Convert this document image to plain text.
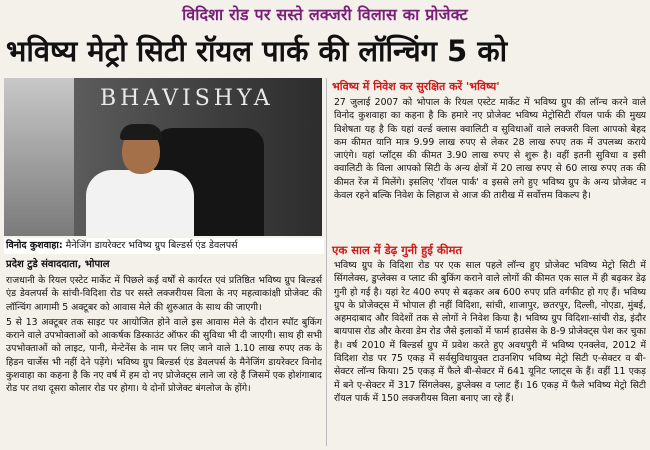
विदिशा रोड पर सस्ते लक्जरी विलास का प्रोजेक्ट
भविष्य मेट्रो सिटी रॉयल पार्क की लॉन्चिंग 5 को
BHAVISHYA
विनोद कुशवाहा: मैनेजिंग डायरेक्टर भविष्य ग्रुप बिल्डर्स एंड डेवलपर्स
प्रदेश टुडे संवाददाता, भोपाल

राजधानी के रियल एस्टेट मार्केट में पिछले कई वर्षों से कार्यरत एवं प्रतिष्ठित भविष्य ग्रुप बिल्डर्स एंड डेवलपर्स के सांची-विदिशा रोड पर सस्ते लक्जरीयस विला के नए महत्वाकांक्षी प्रोजेक्ट की लॉन्चिंग आगामी 5 अक्टूबर को आवास मेले की शुरुआत के साथ की जाएगी।

5 से 13 अक्टूबर तक साइट पर आयोजित होने वाले इस आवास मेले के दौरान स्पॉट बुकिंग कराने वाले उपभोक्ताओं को आकर्षक डिस्काउंट ऑफर की सुविधा भी दी जाएगी। साथ ही सभी उपभोक्ताओं को लाइट, पानी, मेन्टेनेंस के नाम पर लिए जाने वाले 1.10 लाख रुपए तक के हिडन चार्जेस भी नहीं देने पड़ेंगे। भविष्य ग्रुप बिल्डर्स एंड डेवलपर्स के मैनेजिंग डायरेक्टर विनोद कुशवाहा का कहना है कि नए वर्ष में हम दो नए प्रोजेक्ट्स लाने जा रहे हैं जिसमें एक होशंगाबाद रोड पर तथा दूसरा कोलार रोड पर होगा। ये दोनों प्रोजेक्ट बंगलोज के होंगे।

भविष्य में निवेश कर सुरक्षित करें 'भविष्य'
27 जुलाई 2007 को भोपाल के रियल एस्टेट मार्केट में भविष्य ग्रुप की लॉन्च करने वाले विनोद कुशवाहा का कहना है कि हमारे नए प्रोजेक्ट भविष्य मेट्रोसिटी रॉयल पार्क की मुख्य विशेषता यह है कि यहां वर्ल्ड क्लास क्वालिटी व सुविधाओं वाले लक्जरी विला आपको बेहद कम कीमत यानि मात्र 9.99 लाख रुपए से लेकर 28 लाख रुपए तक में उपलब्ध कराये जाएंगे। यहां प्लॉट्स की कीमत 3.90 लाख रुपए से शुरू है। वहीं इतनी सुविधा व इसी क्वालिटी के विला आपको सिटी के अन्य क्षेत्रों में 20 लाख रुपए से 60 लाख रुपए तक की कीमत रेंज में मिलेंगे। इसलिए 'रॉयल पार्क' व इससे लगे हुए भविष्य ग्रुप के अन्य प्रोजेक्ट न केवल रहने बल्कि निवेश के लिहाज से आज की तारीख में सर्वोत्तम विकल्प है।
एक साल में डेढ़ गुनी हुई कीमत
भविष्य ग्रुप के विदिशा रोड पर एक साल पहले लॉन्च हुए प्रोजेक्ट भविष्य मेट्रो सिटी में सिंगलेक्स, डुप्लेक्स व प्लाट की बुकिंग कराने वाले लोगों की कीमत एक साल में ही बढ़कर डेढ़ गुनी हो गई है। यहां रेट 400 रुपए से बढ़कर अब 600 रुपए प्रति वर्गफीट हो गए हैं। भविष्य ग्रुप के प्रोजेक्ट्स में भोपाल ही नहीं विदिशा, सांची, शाजापुर, छतरपुर, दिल्ली, नोएडा, मुंबई, अहमदाबाद और विदेशों तक से लोगों ने निवेश किया है। भविष्य ग्रुप विदिशा-सांची रोड, इंदौर बायपास रोड और केरवा डेम रोड जैसे इलाकों में फार्म हाउसेस के 8-9 प्रोजेक्ट्स पेश कर चुका है। वर्ष 2010 में बिल्डर्स ग्रुप में प्रवेश करते हुए अवधपुरी में भविष्य एनक्लेव, 2012 में विदिशा रोड पर 75 एकड़ में सर्वसुविधायुक्त टाउनशिप भविष्य मेट्रो सिटी ए-सेक्टर व बी-सेक्टर लॉन्च किया। 25 एकड़ में फैले बी-सेक्टर में 641 यूनिट प्लाट्स के हैं। वहीं 11 एकड़ में बने ए-सेक्टर में 317 सिंगलेक्स, डुप्लेक्स व प्लाट हैं। 16 एकड़ में फैले भविष्य मेट्रो सिटी रॉयल पार्क में 150 लक्जरीयस विला बनाए जा रहे हैं।
